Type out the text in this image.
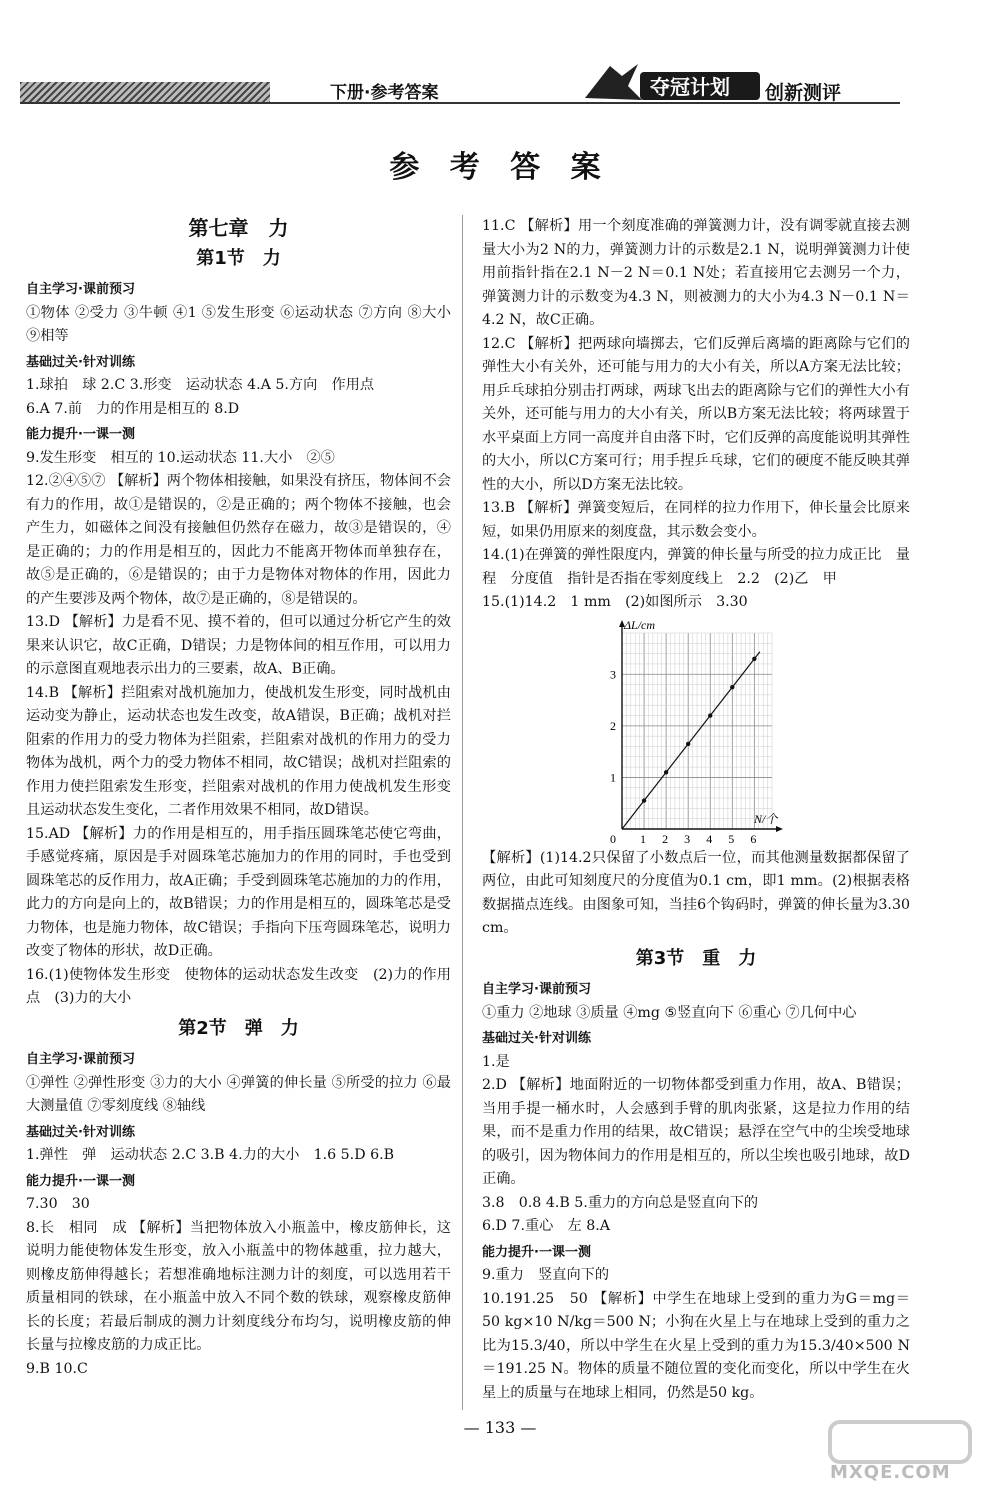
下册·参考答案	夺冠计划 创新测评
参 考 答 案
第七章　力
第1节　力
自主学习·课前预习

①物体 ②受力 ③牛顿 ④1 ⑤发生形变 ⑥运动状态 ⑦方向 ⑧大小 ⑨相等

基础过关·针对训练

1.球拍　球 2.C 3.形变　运动状态 4.A 5.方向　作用点

6.A 7.前　力的作用是相互的 8.D

能力提升·一课一测

9.发生形变　相互的 10.运动状态 11.大小　②⑤

12.②④⑤⑦ 【解析】两个物体相接触，如果没有挤压，物体间不会有力的作用，故①是错误的，②是正确的；两个物体不接触，也会产生力，如磁体之间没有接触但仍然存在磁力，故③是错误的，④是正确的；力的作用是相互的，因此力不能离开物体而单独存在，故⑤是正确的，⑥是错误的；由于力是物体对物体的作用，因此力的产生要涉及两个物体，故⑦是正确的，⑧是错误的。

13.D 【解析】力是看不见、摸不着的，但可以通过分析它产生的效果来认识它，故C正确，D错误；力是物体间的相互作用，可以用力的示意图直观地表示出力的三要素，故A、B正确。

14.B 【解析】拦阻索对战机施加力，使战机发生形变，同时战机由运动变为静止，运动状态也发生改变，故A错误，B正确；战机对拦阻索的作用力的受力物体为拦阻索，拦阻索对战机的作用力的受力物体为战机，两个力的受力物体不相同，故C错误；战机对拦阻索的作用力使拦阻索发生形变，拦阻索对战机的作用力使战机发生形变且运动状态发生变化，二者作用效果不相同，故D错误。

15.AD 【解析】力的作用是相互的，用手指压圆珠笔芯使它弯曲，手感觉疼痛，原因是手对圆珠笔芯施加力的作用的同时，手也受到圆珠笔芯的反作用力，故A正确；手受到圆珠笔芯施加的力的作用，此力的方向是向上的，故B错误；力的作用是相互的，圆珠笔芯是受力物体，也是施力物体，故C错误；手指向下压弯圆珠笔芯，说明力改变了物体的形状，故D正确。

16.(1)使物体发生形变　使物体的运动状态发生改变　(2)力的作用点　(3)力的大小

第2节　弹　力
自主学习·课前预习

①弹性 ②弹性形变 ③力的大小 ④弹簧的伸长量 ⑤所受的拉力 ⑥最大测量值 ⑦零刻度线 ⑧轴线

基础过关·针对训练

1.弹性　弹　运动状态 2.C 3.B 4.力的大小　1.6 5.D 6.B

能力提升·一课一测

7.30　30

8.长　相同　成 【解析】当把物体放入小瓶盖中，橡皮筋伸长，这说明力能使物体发生形变，放入小瓶盖中的物体越重，拉力越大，则橡皮筋伸得越长；若想准确地标注测力计的刻度，可以选用若干质量相同的铁球，在小瓶盖中放入不同个数的铁球，观察橡皮筋伸长的长度；若最后制成的测力计刻度线分布均匀，说明橡皮筋的伸长量与拉橡皮筋的力成正比。

9.B 10.C

11.C 【解析】用一个刻度准确的弹簧测力计，没有调零就直接去测量大小为2 N的力，弹簧测力计的示数是2.1 N，说明弹簧测力计使用前指针指在2.1 N－2 N＝0.1 N处；若直接用它去测另一个力，弹簧测力计的示数变为4.3 N，则被测力的大小为4.3 N－0.1 N＝4.2 N，故C正确。

12.C 【解析】把两球向墙掷去，它们反弹后离墙的距离除与它们的弹性大小有关外，还可能与用力的大小有关，所以A方案无法比较；用乒乓球拍分别击打两球，两球飞出去的距离除与它们的弹性大小有关外，还可能与用力的大小有关，所以B方案无法比较；将两球置于水平桌面上方同一高度并自由落下时，它们反弹的高度能说明其弹性的大小，所以C方案可行；用手捏乒乓球，它们的硬度不能反映其弹性的大小，所以D方案无法比较。

13.B 【解析】弹簧变短后，在同样的拉力作用下，伸长量会比原来短，如果仍用原来的刻度盘，其示数会变小。

14.(1)在弹簧的弹性限度内，弹簧的伸长量与所受的拉力成正比　量程　分度值　指针是否指在零刻度线上　2.2　(2)乙　甲

15.(1)14.2　1 mm　(2)如图所示　3.30

0 1 2 3 4 5 6
1
2
3
ΔL/cm
N/个

【解析】(1)14.2只保留了小数点后一位，而其他测量数据都保留了两位，由此可知刻度尺的分度值为0.1 cm，即1 mm。(2)根据表格数据描点连线。由图象可知，当挂6个钩码时，弹簧的伸长量为3.30 cm。

第3节　重　力
自主学习·课前预习

①重力 ②地球 ③质量 ④mg ⑤竖直向下 ⑥重心 ⑦几何中心

基础过关·针对训练

1.是

2.D 【解析】地面附近的一切物体都受到重力作用，故A、B错误；当用手提一桶水时，人会感到手臂的肌肉张紧，这是拉力作用的结果，而不是重力作用的结果，故C错误；悬浮在空气中的尘埃受地球的吸引，因为物体间力的作用是相互的，所以尘埃也吸引地球，故D正确。

3.8　0.8 4.B 5.重力的方向总是竖直向下的

6.D 7.重心　左 8.A

能力提升·一课一测

9.重力　竖直向下的

10.191.25　50 【解析】中学生在地球上受到的重力为G＝mg＝50 kg×10 N/kg＝500 N；小狗在火星上与在地球上受到的重力之比为15.3/40，所以中学生在火星上受到的重力为15.3/40×500 N＝191.25 N。物体的质量不随位置的变化而变化，所以中学生在火星上的质量与在地球上相同，仍然是50 kg。

— 133 —
MXQE.COM
